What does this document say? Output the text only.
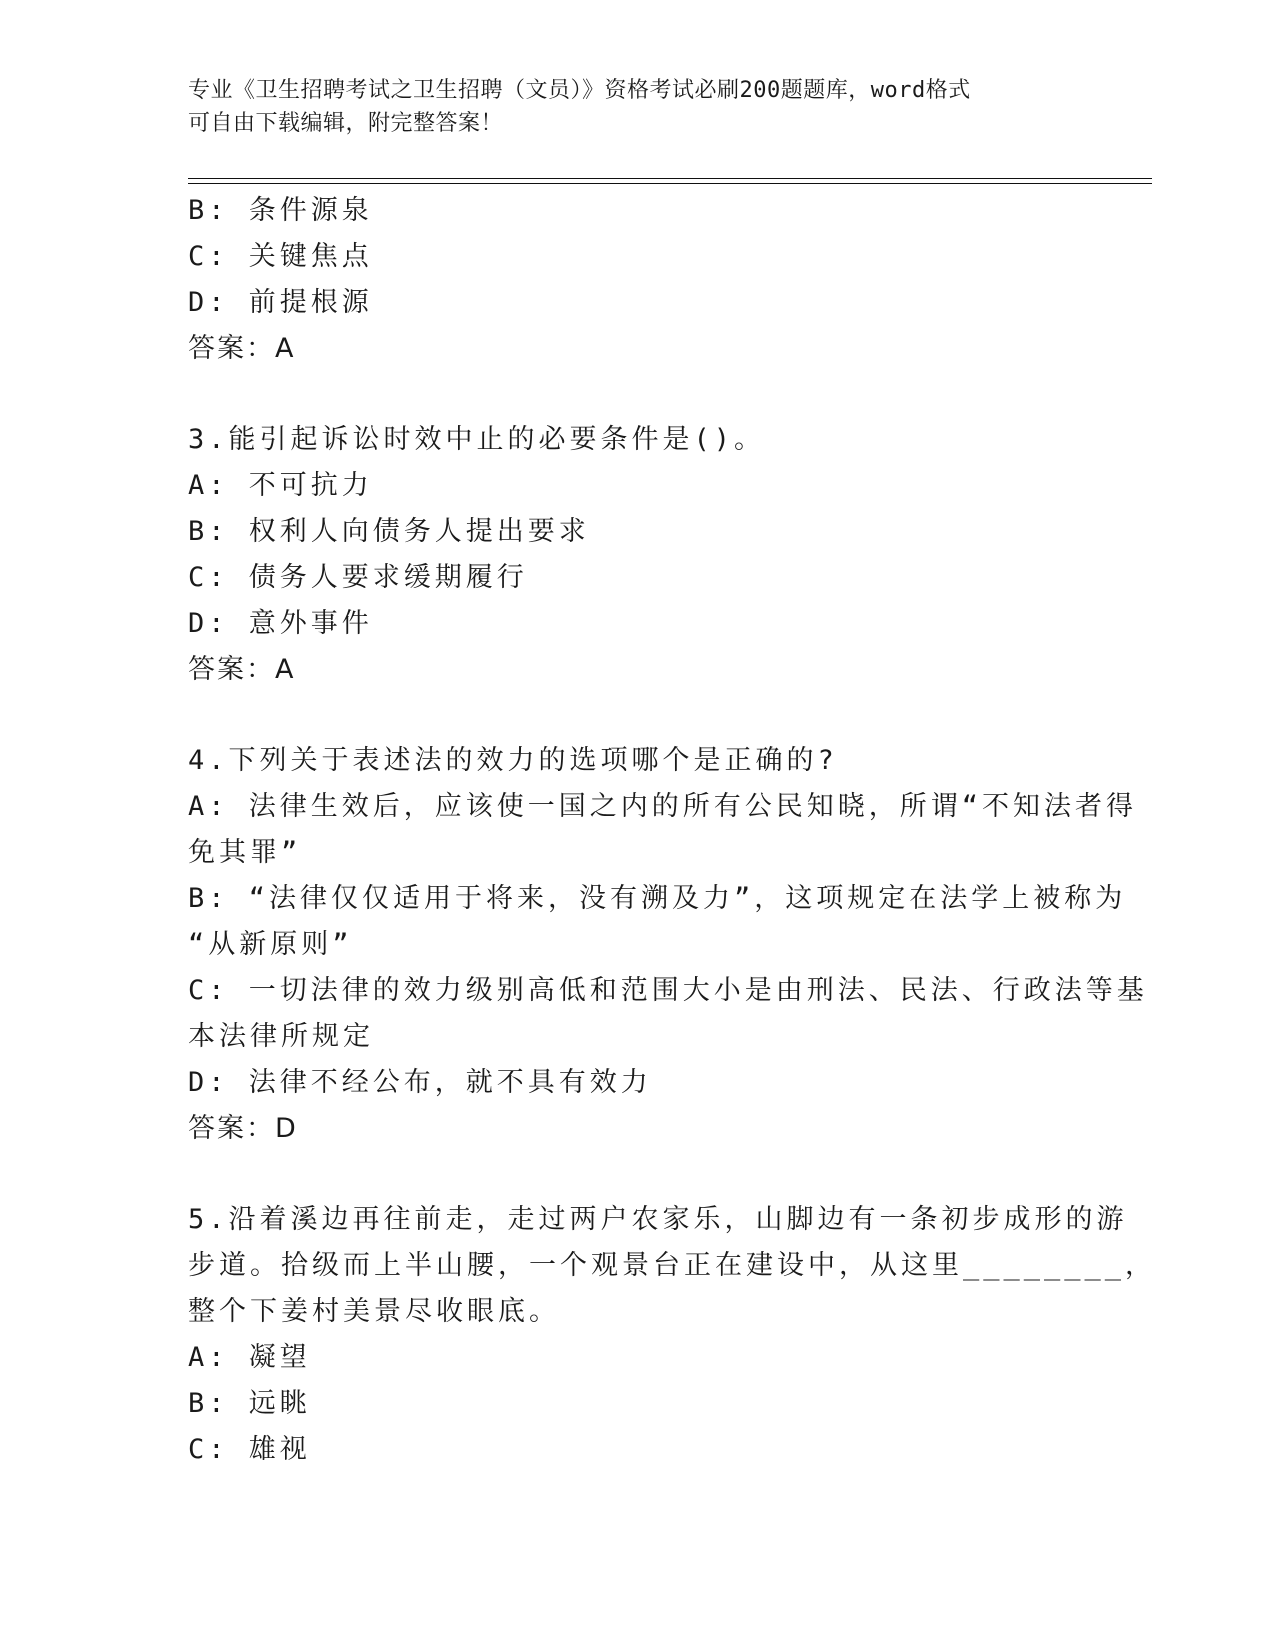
专业《卫生招聘考试之卫生招聘（文员）》资格考试必刷200题题库，word格式
可自由下载编辑，附完整答案！
B: 条件源泉
C: 关键焦点
D: 前提根源
答案：A
3.能引起诉讼时效中止的必要条件是()。
A: 不可抗力
B: 权利人向债务人提出要求
C: 债务人要求缓期履行
D: 意外事件
答案：A
4.下列关于表述法的效力的选项哪个是正确的?
A: 法律生效后，应该使一国之内的所有公民知晓，所谓“不知法者得
免其罪”
B: “法律仅仅适用于将来，没有溯及力”，这项规定在法学上被称为
“从新原则”
C: 一切法律的效力级别高低和范围大小是由刑法、民法、行政法等基
本法律所规定
D: 法律不经公布，就不具有效力
答案：D
5.沿着溪边再往前走，走过两户农家乐，山脚边有一条初步成形的游
步道。拾级而上半山腰，一个观景台正在建设中，从这里________，
整个下姜村美景尽收眼底。
A: 凝望
B: 远眺
C: 雄视
